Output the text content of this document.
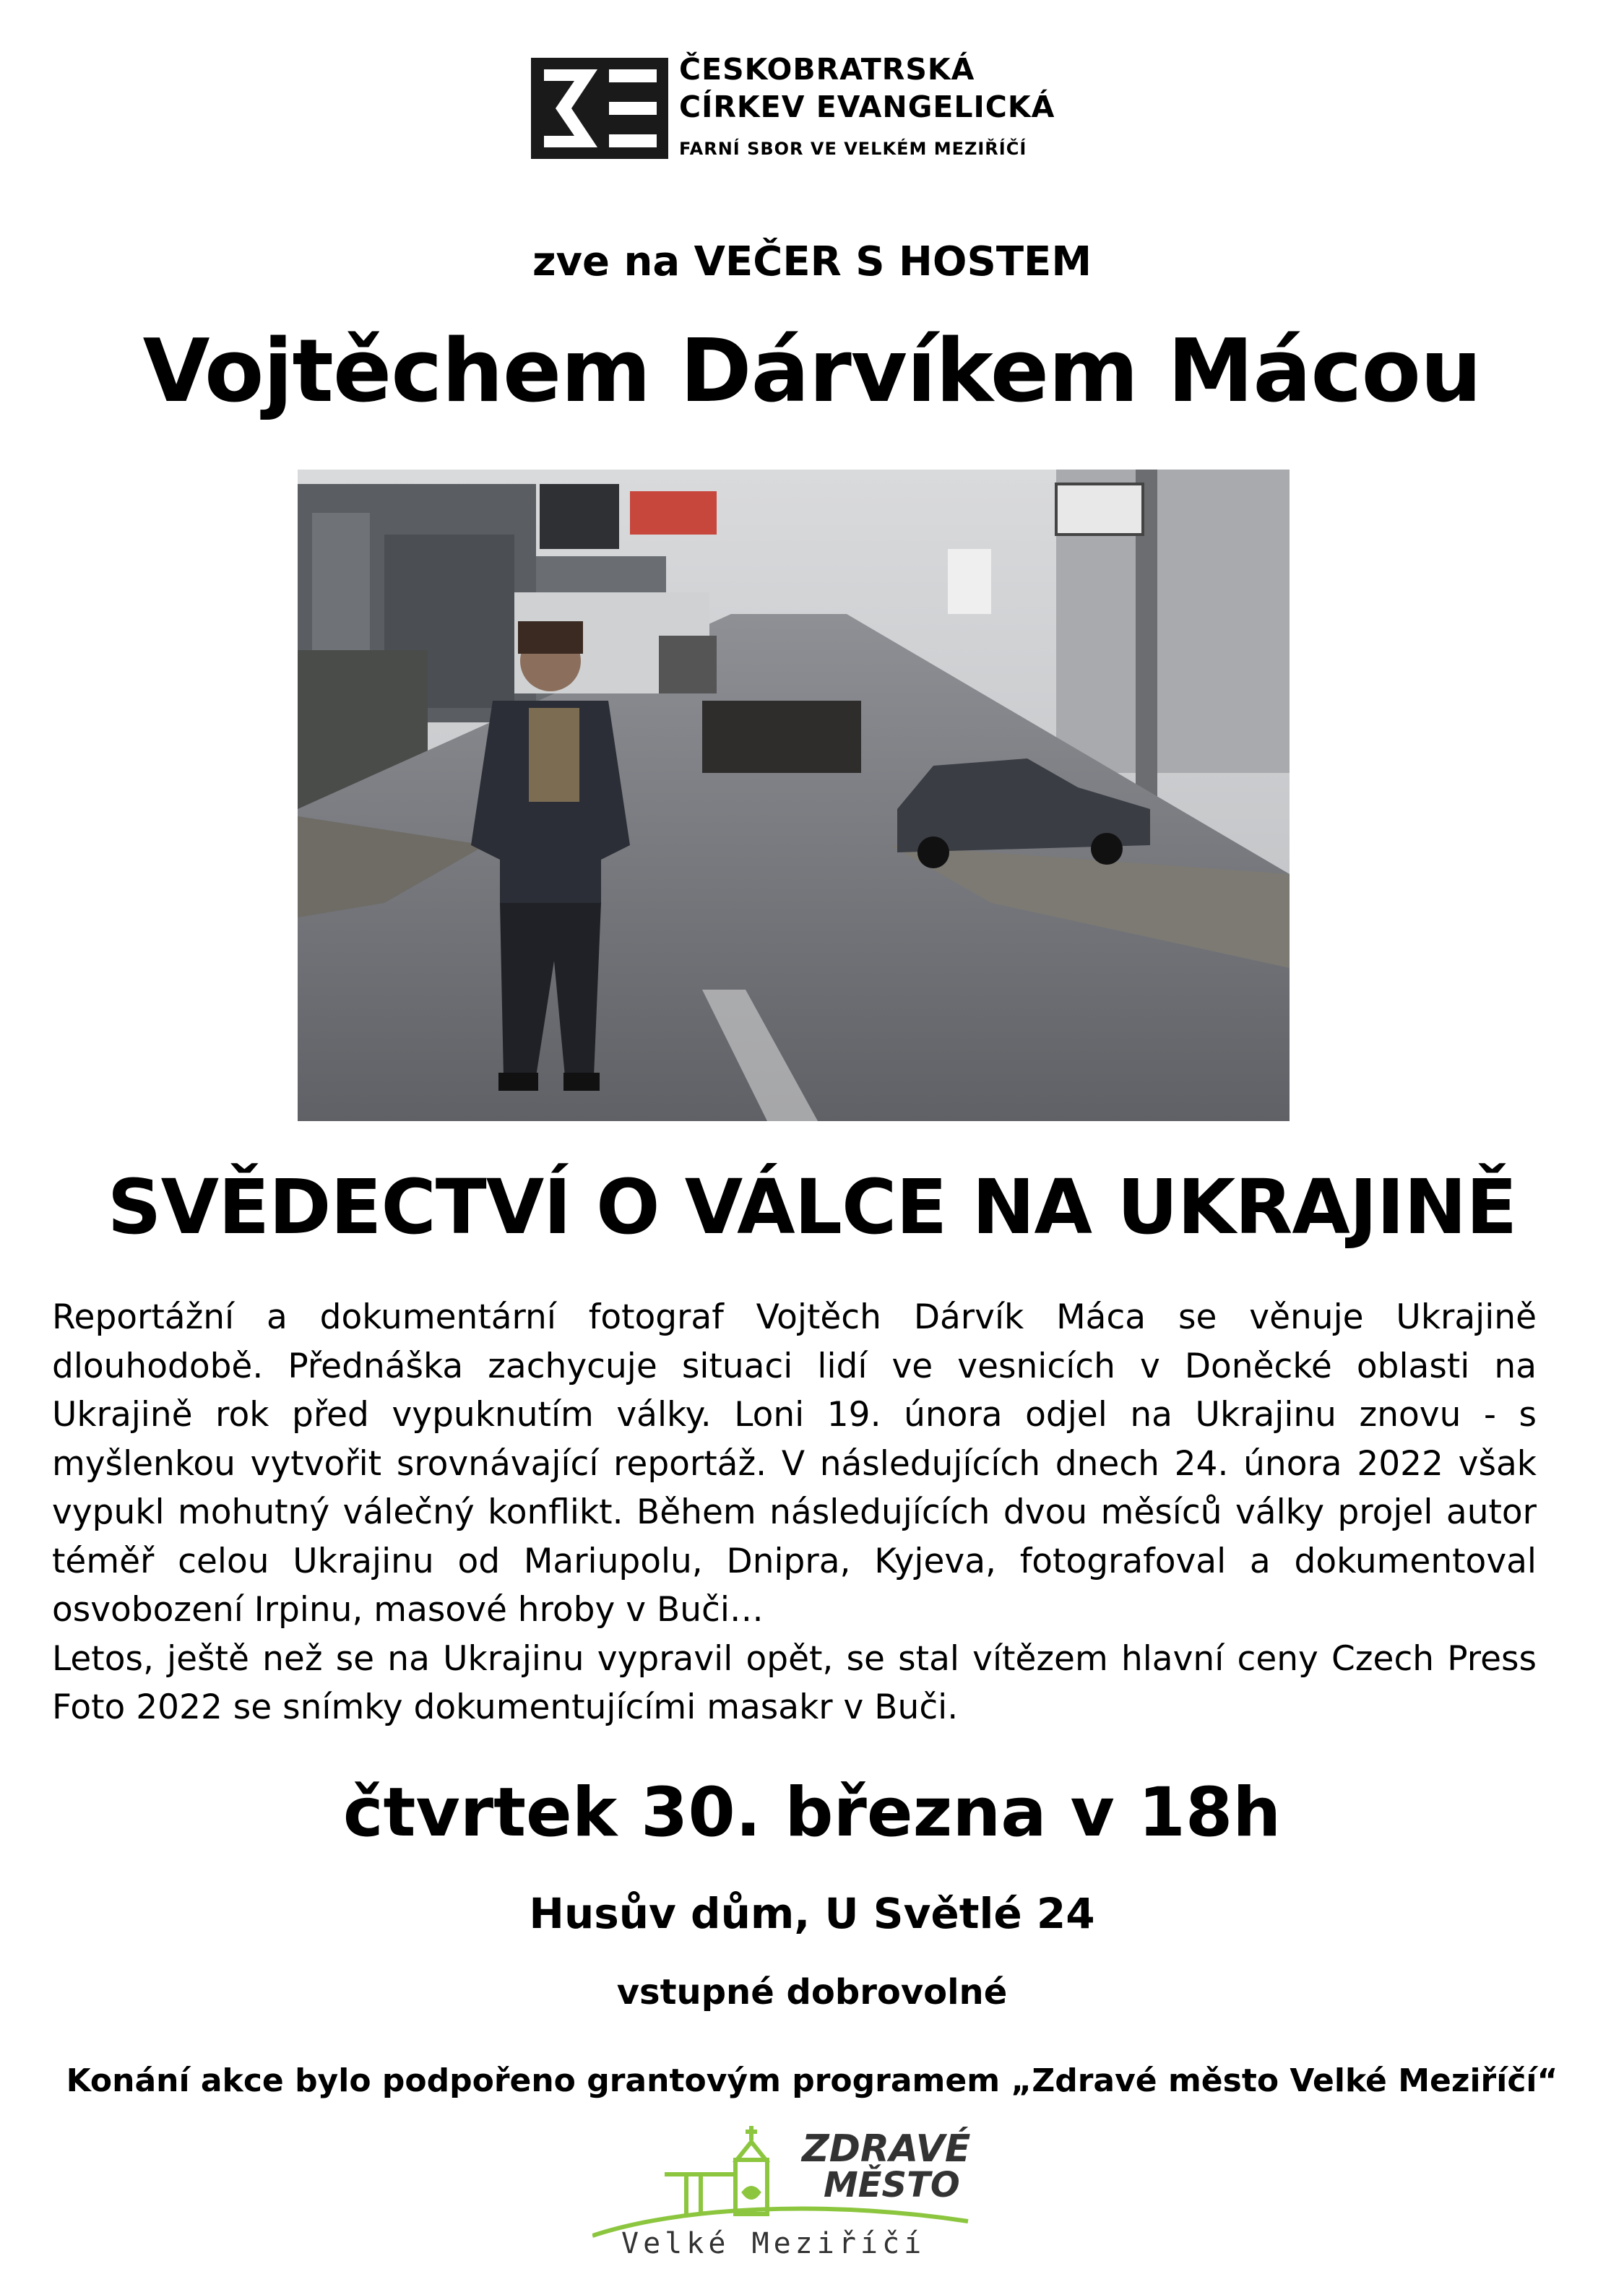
ČESKOBRATRSKÁ
CÍRKEV EVANGELICKÁ
FARNÍ SBOR VE VELKÉM MEZIŘÍČÍ
zve na VEČER S HOSTEM
Vojtěchem Dárvíkem Mácou
SVĚDECTVÍ O VÁLCE NA UKRAJINĚ

Reportážní a dokumentární fotograf Vojtěch Dárvík Máca se věnuje Ukrajině dlouhodobě. Přednáška zachycuje situaci lidí ve vesnicích v Doněcké oblasti na Ukrajině rok před vypuknutím války. Loni 19. února odjel na Ukrajinu znovu - s myšlenkou vytvořit srovnávající reportáž. V následujících dnech 24. února 2022 však vypukl mohutný válečný konflikt. Během následujících dvou měsíců války projel autor téměř celou Ukrajinu od Mariupolu, Dnipra, Kyjeva, fotografoval a dokumentoval osvobození Irpinu, masové hroby v Buči…

Letos, ještě než se na Ukrajinu vypravil opět, se stal vítězem hlavní ceny Czech Press Foto 2022 se snímky dokumentujícími masakr v Buči.

čtvrtek 30. března v 18h
Husův dům, U Světlé 24
vstupné dobrovolné
Konání akce bylo podpořeno grantovým programem „Zdravé město Velké Meziříčí“
ZDRAVÉ
MĚSTO
Velké Meziříčí
